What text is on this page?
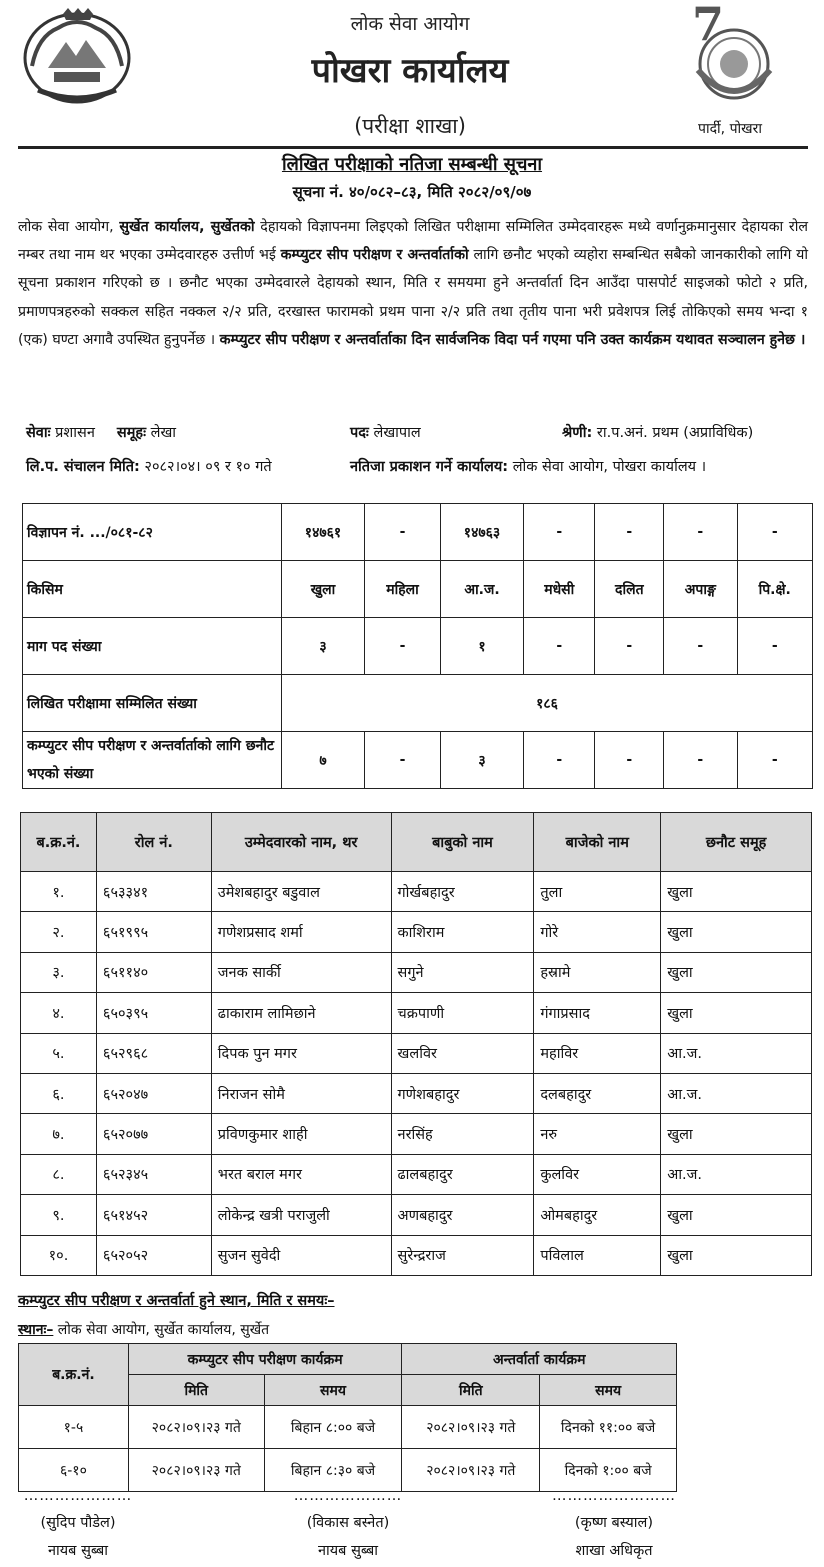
लोक सेवा आयोग
पोखरा कार्यालय
(परीक्षा शाखा)
7
पार्दी, पोखरा
लिखित परीक्षाको नतिजा सम्बन्धी सूचना
सूचना नं. ४०/०८२–८३, मिति २०८२/०९/०७
लोक सेवा आयोग, सुर्खेत कार्यालय, सुर्खेतको देहायको विज्ञापनमा लिइएको लिखित परीक्षामा सम्मिलित उम्मेदवारहरू मध्ये वर्णानुक्रमानुसार देहायका रोल नम्बर तथा नाम थर भएका उम्मेदवारहरु उत्तीर्ण भई कम्प्युटर सीप परीक्षण र अन्तर्वार्ताको लागि छनौट भएको व्यहोरा सम्बन्धित सबैको जानकारीको लागि यो सूचना प्रकाशन गरिएको छ । छनौट भएका उम्मेदवारले देहायको स्थान, मिति र समयमा हुने अन्तर्वार्ता दिन आउँदा पासपोर्ट साइजको फोटो २ प्रति, प्रमाणपत्रहरुको सक्कल सहित नक्कल २/२ प्रति, दरखास्त फारामको प्रथम पाना २/२ प्रति तथा तृतीय पाना भरी प्रवेशपत्र लिई तोकिएको समय भन्दा १ (एक) घण्टा अगावै उपस्थित हुनुपर्नेछ । कम्प्युटर सीप परीक्षण र अन्तर्वार्ताका दिन सार्वजनिक विदा पर्न गएमा पनि उक्त कार्यक्रम यथावत सञ्चालन हुनेछ ।
सेवाः प्रशासन समूहः लेखा	पदः लेखापाल	श्रेणी: रा.प.अनं. प्रथम (अप्राविधिक)
लि.प. संचालन मिति: २०८२।०४। ०९ र १० गते	नतिजा प्रकाशन गर्ने कार्यालय: लोक सेवा आयोग, पोखरा कार्यालय ।
विज्ञापन नं. .../०८१-८२	१४७६१	-	१४७६३	-	-	-	-
किसिम	खुला	महिला	आ.ज.	मधेसी	दलित	अपाङ्ग	पि.क्षे.
माग पद संख्या	३	-	१	-	-	-	-
लिखित परीक्षामा सम्मिलित संख्या	१८६						
कम्प्युटर सीप परीक्षण र अन्तर्वार्ताको लागि छनौट भएको संख्या	७	-	३	-	-	-	-
ब.क्र.नं.	रोल नं.	उम्मेदवारको नाम, थर	बाबुको नाम	बाजेको नाम	छनौट समूह
१.	६५३३४१	उमेशबहादुर बडुवाल	गोर्खबहादुर	तुला	खुला
२.	६५१९९५	गणेशप्रसाद शर्मा	काशिराम	गोरे	खुला
३.	६५११४०	जनक सार्की	सगुने	हस्रामे	खुला
४.	६५०३९५	ढाकाराम लामिछाने	चक्रपाणी	गंगाप्रसाद	खुला
५.	६५२९६८	दिपक पुन मगर	खलविर	महाविर	आ.ज.
६.	६५२०४७	निराजन सोमै	गणेशबहादुर	दलबहादुर	आ.ज.
७.	६५२०७७	प्रविणकुमार शाही	नरसिंह	नरु	खुला
८.	६५२३४५	भरत बराल मगर	ढालबहादुर	कुलविर	आ.ज.
९.	६५१४५२	लोकेन्द्र खत्री पराजुली	अणबहादुर	ओमबहादुर	खुला
१०.	६५२०५२	सुजन सुवेदी	सुरेन्द्रराज	पविलाल	खुला
कम्प्युटर सीप परीक्षण र अन्तर्वार्ता हुने स्थान, मिति र समयः–
स्थानः– लोक सेवा आयोग, सुर्खेत कार्यालय, सुर्खेत
ब.क्र.नं.	कम्प्युटर सीप परीक्षण कार्यक्रम		अन्तर्वार्ता कार्यक्रम	
	मिति	समय	मिति	समय
१-५	२०८२।०९।२३ गते	बिहान ८:०० बजे	२०८२।०९।२३ गते	दिनको ११:०० बजे
६-१०	२०८२।०९।२३ गते	बिहान ८:३० बजे	२०८२।०९।२३ गते	दिनको १:०० बजे
…………………
(सुदिप पौडेल)
नायब सुब्बा
…………………
(विकास बस्नेत)
नायब सुब्बा
……………………
(कृष्ण बस्याल)
शाखा अधिकृत
